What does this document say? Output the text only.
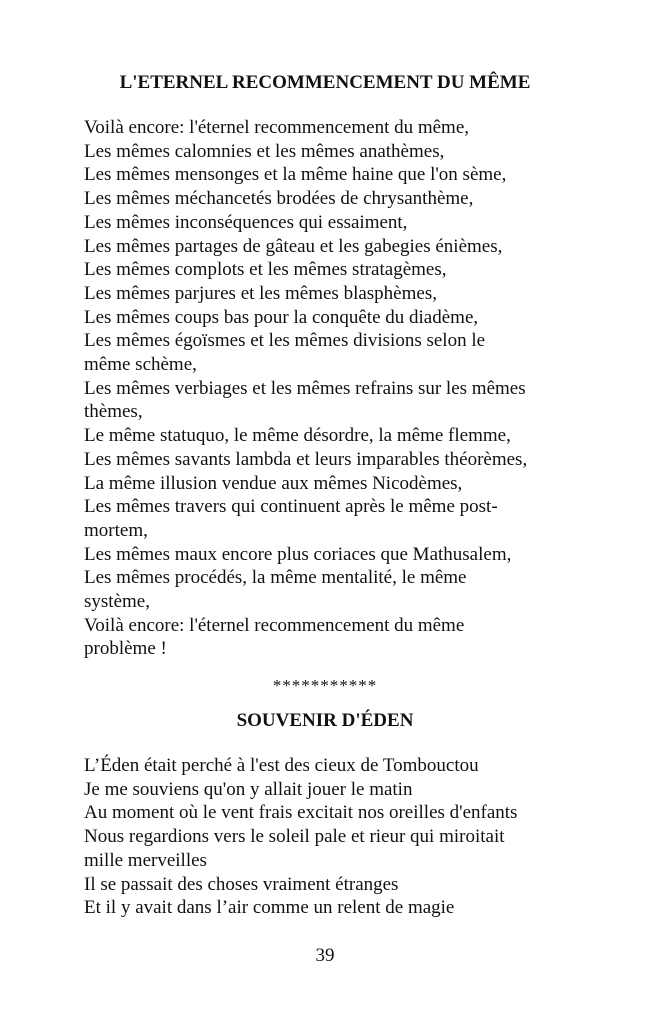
L'ETERNEL RECOMMENCEMENT DU MÊME
Voilà encore: l'éternel recommencement du même,
Les mêmes calomnies et les mêmes anathèmes,
Les mêmes mensonges et la même haine que l'on sème,
Les mêmes méchancetés brodées de chrysanthème,
Les mêmes inconséquences qui essaiment,
Les mêmes partages de gâteau et les gabegies énièmes,
Les mêmes complots et les mêmes stratagèmes,
Les mêmes parjures et les mêmes blasphèmes,
Les mêmes coups bas pour la conquête du diadème,
Les mêmes égoïsmes et les mêmes divisions selon le
même schème,
Les mêmes verbiages et les mêmes refrains sur les mêmes
thèmes,
Le même statuquo, le même désordre, la même flemme,
Les mêmes savants lambda et leurs imparables théorèmes,
La même illusion vendue aux mêmes Nicodèmes,
Les mêmes travers qui continuent après le même post-
mortem,
Les mêmes maux encore plus coriaces que Mathusalem,
Les mêmes procédés, la même mentalité, le même
système,
Voilà encore: l'éternel recommencement du même
problème !
***********
SOUVENIR D'ÉDEN
L’Éden était perché à l'est des cieux de Tombouctou
Je me souviens qu'on y allait jouer le matin
Au moment où le vent frais excitait nos oreilles d'enfants
Nous regardions vers le soleil pale et rieur qui miroitait
mille merveilles
Il se passait des choses vraiment étranges
Et il y avait dans l’air comme un relent de magie
39
